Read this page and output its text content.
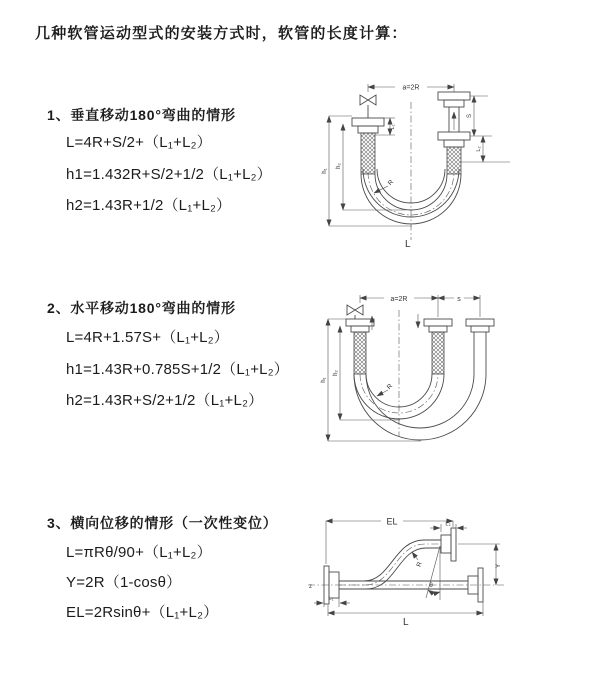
几种软管运动型式的安装方式时，软管的长度计算：
1、垂直移动180°弯曲的情形
L=4R+S/2+（L₁+L₂）
h1=1.432R+S/2+1/2（L₁+L₂）
h2=1.43R+1/2（L₁+L₂）
2、水平移动180°弯曲的情形
L=4R+1.57S+（L₁+L₂）
h1=1.43R+0.785S+1/2（L₁+L₂）
h2=1.43R+S/2+1/2（L₁+L₂）
3、横向位移的情形（一次性变位）
L=πRθ/90+（L₁+L₂）
Y=2R（1-cosθ）
EL=2Rsinθ+（L₁+L₂）
a=2R
h₁
h₂
L₁
S
L₂
R
L
a=2R	s
h₁
h₂
R
z
EL	L₂
Y
θ
R
L₁
L
